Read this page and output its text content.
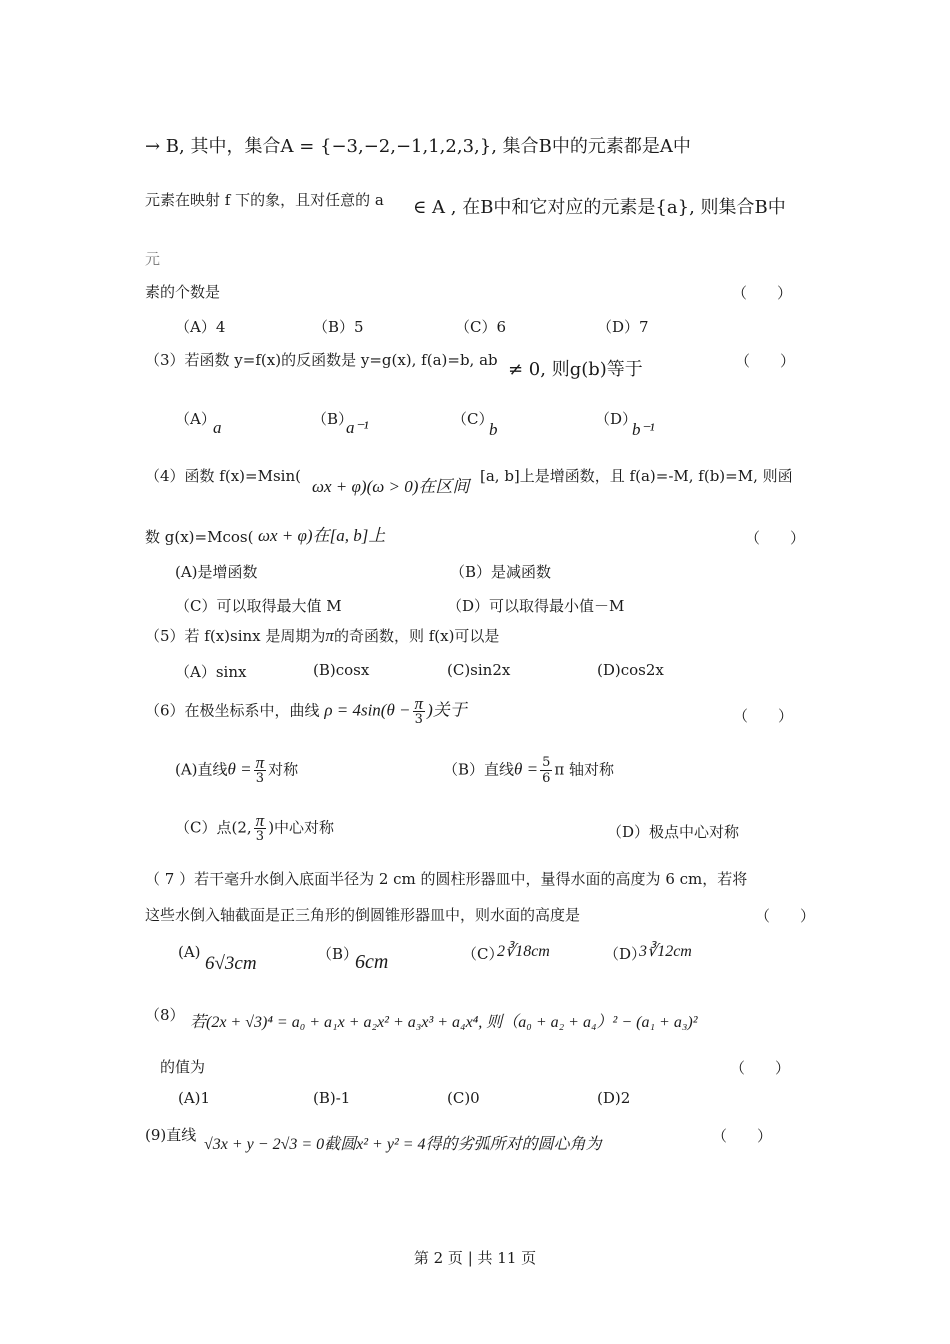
→ B, 其中，集合A = {−3,−2,−1,1,2,3,}, 集合B中的元素都是A中
元素在映射 f 下的象，且对任意的 a ∈ A , 在B中和它对应的元素是{a}, 则集合B中
元
素的个数是	（　　）
（A）4	（B）5	（C）6	（D）7
（3）若函数 y=f(x)的反函数是 y=g(x), f(a)=b, ab ≠ 0, 则g(b)等于	（　　）
（A）
a	（B）
a⁻¹	（C）
b
（D）
b⁻¹
（4）函数 f(x)=Msin(
ωx + φ)(ω > 0)在区间
[a, b]上是增函数，且 f(a)=-M, f(b)=M, 则函
数 g(x)=Mcos( ωx + φ)在[a, b]上	（　　）
(A)是增函数	（B）是减函数
（C）可以取得最大值 M	（D）可以取得最小值－M
（5）若 f(x)sinx 是周期为π的奇函数，则 f(x)可以是
（A）sinx	(B)cosx	(C)sin2x	(D)cos2x
（6）在极坐标系中，曲线 $\rho = 4\sin(\theta - \frac{\pi}{3}$ )关于	（　　）
(A)直线$\theta = \frac{\pi}{3}$ 对称	（B）直线$\theta = \frac{5}{6}$ π 轴对称
（C）点(2, $\frac{\pi}{3}$ )中心对称	（D）极点中心对称
（ 7 ）若干毫升水倒入底面半径为 2 cm 的圆柱形器皿中，量得水面的高度为 6 cm，若将
这些水倒入轴截面是正三角形的倒圆锥形器皿中，则水面的高度是	（　　）
(A)
6√3cm	（B）
6cm	（C）
2∛18cm	（D）
3∛12cm
（8） 若(2x + √3)⁴ = a₀ + a₁x + a₂x² + a₃x³ + a₄x⁴, 则（a₀ + a₂ + a₄）² − (a₁ + a₃)²
的值为	（　　）
(A)1	(B)-1	(C)0	(D)2
(9)直线
√3x + y − 2√3 = 0截圆x² + y² = 4得的劣弧所对的圆心角为	（　　）
第 2 页 | 共 11 页
